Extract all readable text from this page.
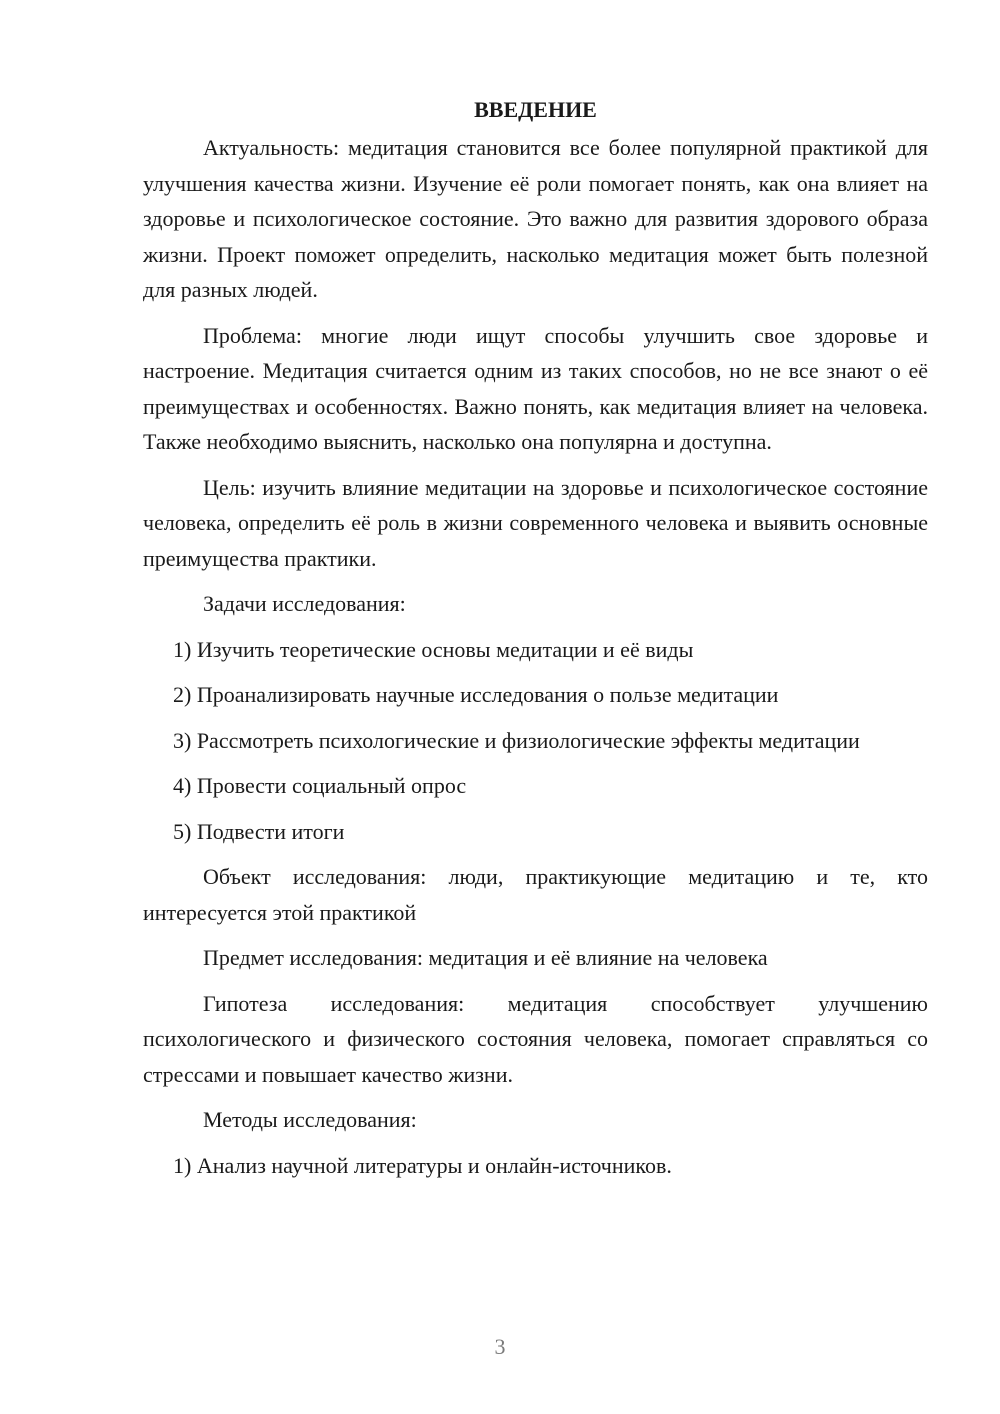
ВВЕДЕНИЕ

Актуальность: медитация становится все более популярной практикой для улучшения качества жизни. Изучение её роли помогает понять, как она влияет на здоровье и психологическое состояние. Это важно для развития здорового образа жизни. Проект поможет определить, насколько медитация может быть полезной для разных людей.

Проблема: многие люди ищут способы улучшить свое здоровье и настроение. Медитация считается одним из таких способов, но не все знают о её преимуществах и особенностях. Важно понять, как медитация влияет на человека. Также необходимо выяснить, насколько она популярна и доступна.

Цель: изучить влияние медитации на здоровье и психологическое состояние человека, определить её роль в жизни современного человека и выявить основные преимущества практики.

Задачи исследования:

1) Изучить теоретические основы медитации и её виды

2) Проанализировать научные исследования о пользе медитации

3) Рассмотреть психологические и физиологические эффекты медитации

4) Провести социальный опрос

5) Подвести итоги

Объект исследования: люди, практикующие медитацию и те, кто интересуется этой практикой

Предмет исследования: медитация и её влияние на человека

Гипотеза исследования: медитация способствует улучшению психологического и физического состояния человека, помогает справляться со стрессами и повышает качество жизни.

Методы исследования:

1) Анализ научной литературы и онлайн-источников.

3
